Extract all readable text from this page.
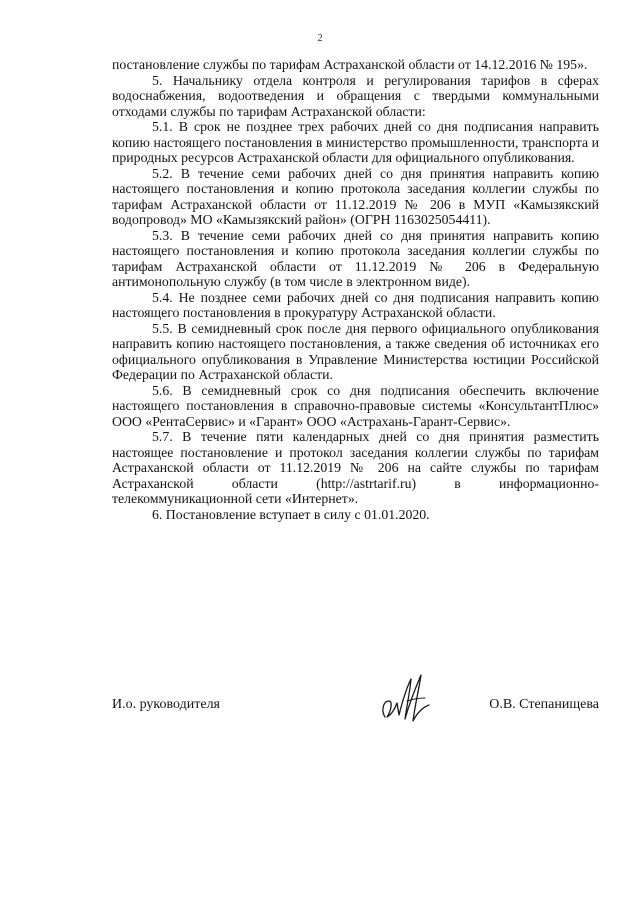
2

постановление службы по тарифам Астраханской области от 14.12.2016 № 195».

5. Начальнику отдела контроля и регулирования тарифов в сферах водоснабжения, водоотведения и обращения с твердыми коммунальными отходами службы по тарифам Астраханской области:

5.1. В срок не позднее трех рабочих дней со дня подписания направить копию настоящего постановления в министерство промышленности, транспорта и природных ресурсов Астраханской области для официального опубликования.

5.2. В течение семи рабочих дней со дня принятия направить копию настоящего постановления и копию протокола заседания коллегии службы по тарифам Астраханской области от 11.12.2019 № 206 в МУП «Камызякский водопровод» МО «Камызякский район» (ОГРН 1163025054411).

5.3. В течение семи рабочих дней со дня принятия направить копию настоящего постановления и копию протокола заседания коллегии службы по тарифам Астраханской области от 11.12.2019 № 206 в Федеральную антимонопольную службу (в том числе в электронном виде).

5.4. Не позднее семи рабочих дней со дня подписания направить копию настоящего постановления в прокуратуру Астраханской области.

5.5. В семидневный срок после дня первого официального опубликования направить копию настоящего постановления, а также сведения об источниках его официального опубликования в Управление Министерства юстиции Российской Федерации по Астраханской области.

5.6. В семидневный срок со дня подписания обеспечить включение настоящего постановления в справочно-правовые системы «КонсультантПлюс» ООО «РентаСервис» и «Гарант» ООО «Астрахань-Гарант-Сервис».

5.7. В течение пяти календарных дней со дня принятия разместить настоящее постановление и протокол заседания коллегии службы по тарифам Астраханской области от 11.12.2019 № 206 на сайте службы по тарифам Астраханской области (http://astrtarif.ru) в информационно-телекоммуникационной сети «Интернет».

6. Постановление вступает в силу с 01.01.2020.

И.о. руководителя	О.В. Степанищева
